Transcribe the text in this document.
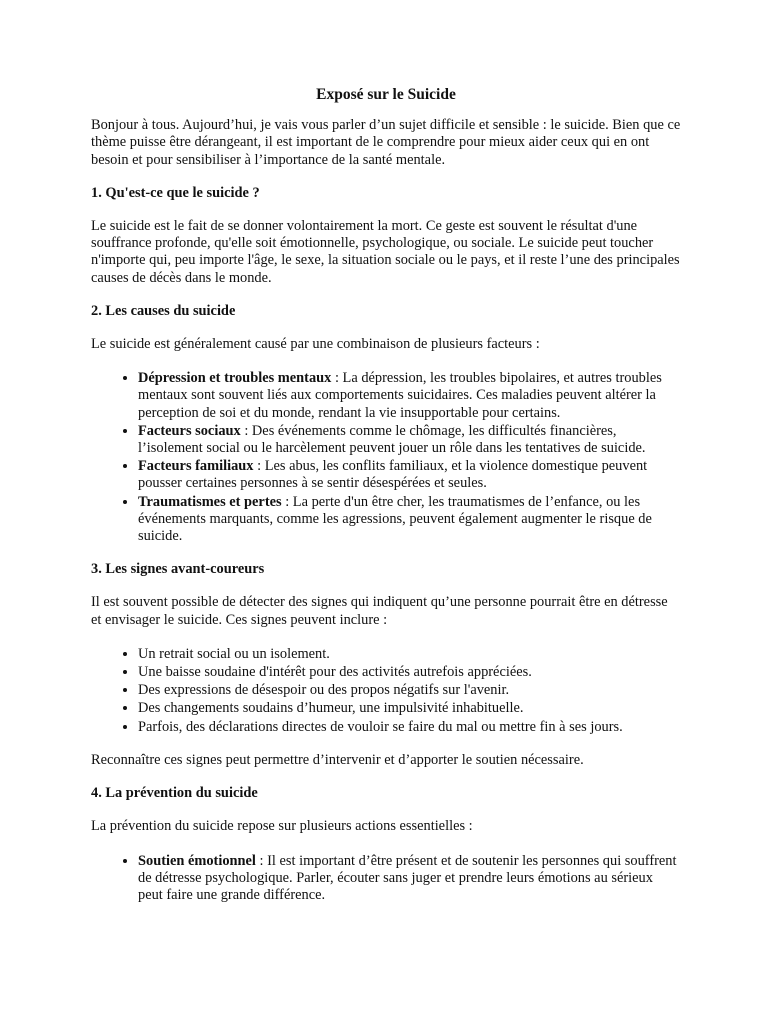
Exposé sur le Suicide

Bonjour à tous. Aujourd’hui, je vais vous parler d’un sujet difficile et sensible : le suicide. Bien que ce thème puisse être dérangeant, il est important de le comprendre pour mieux aider ceux qui en ont besoin et pour sensibiliser à l’importance de la santé mentale.

1. Qu'est-ce que le suicide ?

Le suicide est le fait de se donner volontairement la mort. Ce geste est souvent le résultat d'une souffrance profonde, qu'elle soit émotionnelle, psychologique, ou sociale. Le suicide peut toucher n'importe qui, peu importe l'âge, le sexe, la situation sociale ou le pays, et il reste l’une des principales causes de décès dans le monde.

2. Les causes du suicide

Le suicide est généralement causé par une combinaison de plusieurs facteurs :

• Dépression et troubles mentaux : La dépression, les troubles bipolaires, et autres troubles mentaux sont souvent liés aux comportements suicidaires. Ces maladies peuvent altérer la perception de soi et du monde, rendant la vie insupportable pour certains.
• Facteurs sociaux : Des événements comme le chômage, les difficultés financières, l’isolement social ou le harcèlement peuvent jouer un rôle dans les tentatives de suicide.
• Facteurs familiaux : Les abus, les conflits familiaux, et la violence domestique peuvent pousser certaines personnes à se sentir désespérées et seules.
• Traumatismes et pertes : La perte d'un être cher, les traumatismes de l’enfance, ou les événements marquants, comme les agressions, peuvent également augmenter le risque de suicide.
3. Les signes avant-coureurs

Il est souvent possible de détecter des signes qui indiquent qu’une personne pourrait être en détresse et envisager le suicide. Ces signes peuvent inclure :

• Un retrait social ou un isolement.
• Une baisse soudaine d'intérêt pour des activités autrefois appréciées.
• Des expressions de désespoir ou des propos négatifs sur l'avenir.
• Des changements soudains d’humeur, une impulsivité inhabituelle.
• Parfois, des déclarations directes de vouloir se faire du mal ou mettre fin à ses jours.

Reconnaître ces signes peut permettre d’intervenir et d’apporter le soutien nécessaire.

4. La prévention du suicide

La prévention du suicide repose sur plusieurs actions essentielles :

• Soutien émotionnel : Il est important d’être présent et de soutenir les personnes qui souffrent de détresse psychologique. Parler, écouter sans juger et prendre leurs émotions au sérieux peut faire une grande différence.
